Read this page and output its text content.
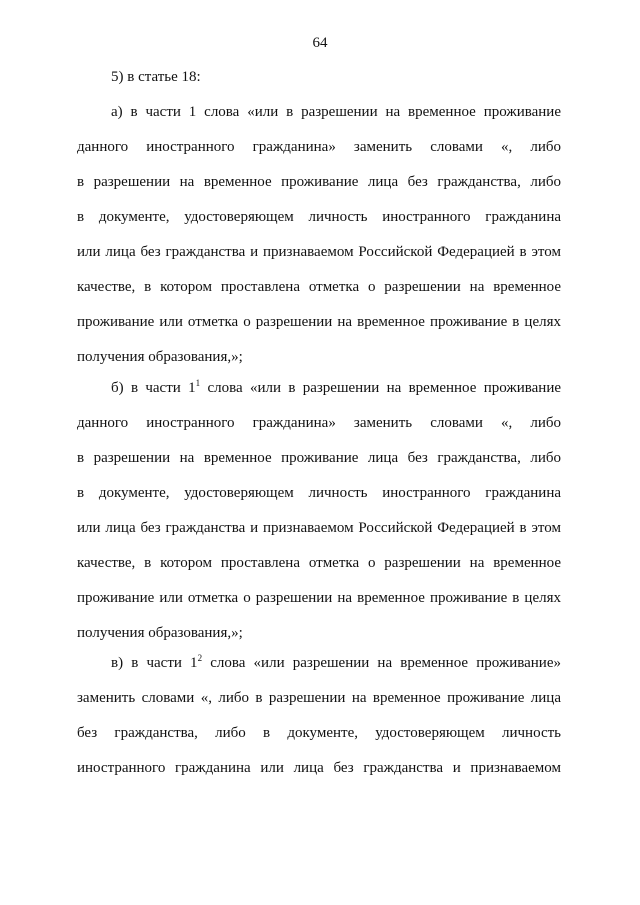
64
5) в статье 18:
а) в части 1 слова «или в разрешении на временное проживание
данного иностранного гражданина» заменить словами «, либо
в разрешении на временное проживание лица без гражданства, либо
в документе, удостоверяющем личность иностранного гражданина
или лица без гражданства и признаваемом Российской Федерацией в этом
качестве, в котором проставлена отметка о разрешении на временное
проживание или отметка о разрешении на временное проживание в целях
получения образования,»;
б) в части $1^1$ слова «или в разрешении на временное проживание
данного иностранного гражданина» заменить словами «, либо
в разрешении на временное проживание лица без гражданства, либо
в документе, удостоверяющем личность иностранного гражданина
или лица без гражданства и признаваемом Российской Федерацией в этом
качестве, в котором проставлена отметка о разрешении на временное
проживание или отметка о разрешении на временное проживание в целях
получения образования,»;
в) в части $1^2$ слова «или разрешении на временное проживание»
заменить словами «, либо в разрешении на временное проживание лица
без гражданства, либо в документе, удостоверяющем личность
иностранного гражданина или лица без гражданства и признаваемом
